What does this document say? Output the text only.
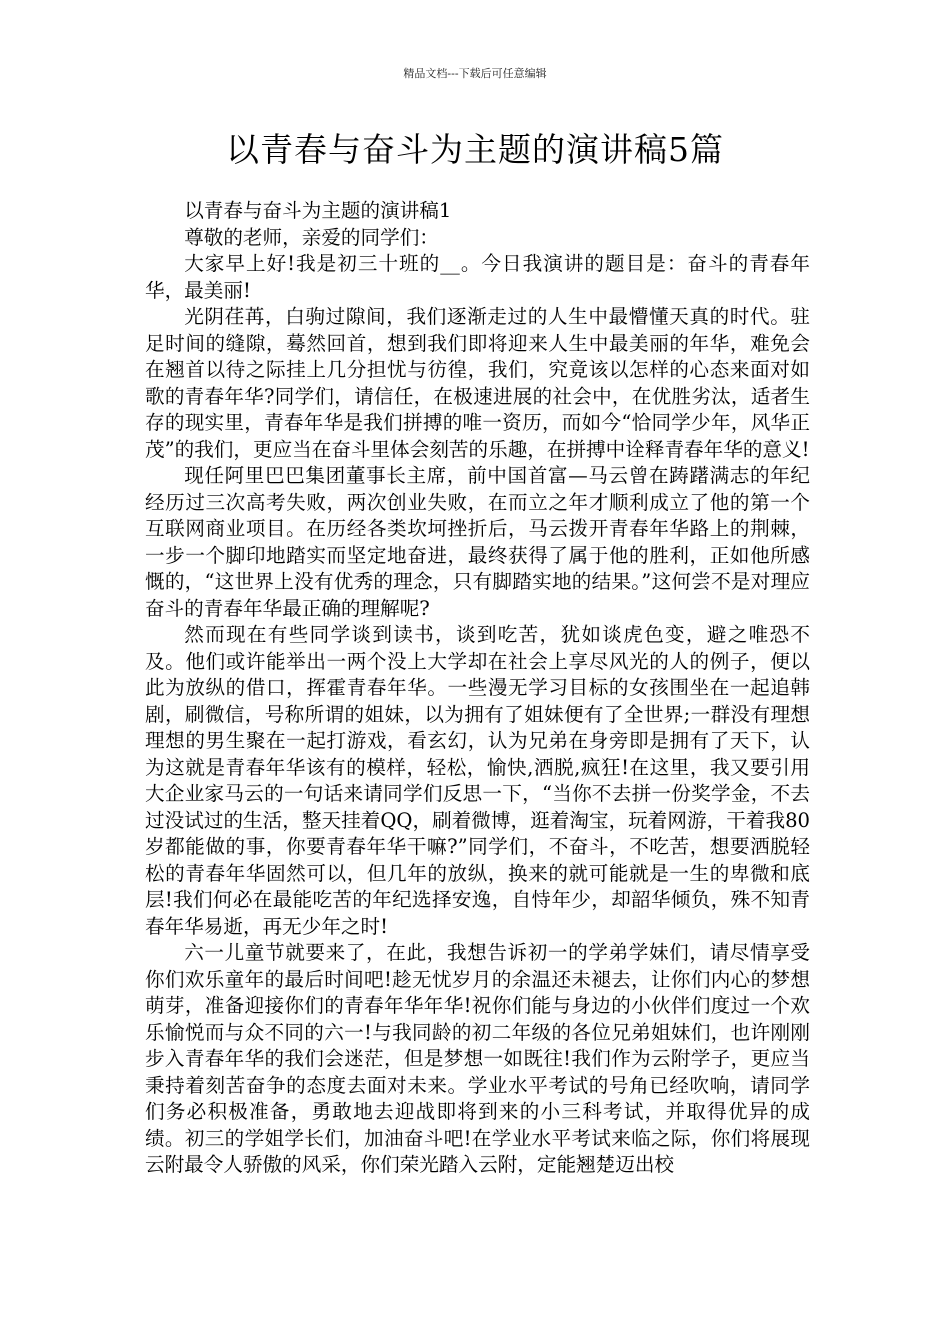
精品文档---下载后可任意编辑
以青春与奋斗为主题的演讲稿5篇

以青春与奋斗为主题的演讲稿1

尊敬的老师，亲爱的同学们：

大家早上好!我是初三十班的__。今日我演讲的题目是：奋斗的青春年华，最美丽!

光阴荏苒，白驹过隙间，我们逐渐走过的人生中最懵懂天真的时代。驻足时间的缝隙，蓦然回首，想到我们即将迎来人生中最美丽的年华，难免会在翘首以待之际挂上几分担忧与彷徨，我们，究竟该以怎样的心态来面对如歌的青春年华?同学们，请信任，在极速进展的社会中，在优胜劣汰，适者生存的现实里，青春年华是我们拼搏的唯一资历，而如今“恰同学少年，风华正茂”的我们，更应当在奋斗里体会刻苦的乐趣，在拼搏中诠释青春年华的意义!

现任阿里巴巴集团董事长主席，前中国首富—马云曾在踌躇满志的年纪经历过三次高考失败，两次创业失败，在而立之年才顺利成立了他的第一个互联网商业项目。在历经各类坎坷挫折后，马云拨开青春年华路上的荆棘，一步一个脚印地踏实而坚定地奋进，最终获得了属于他的胜利，正如他所感慨的，“这世界上没有优秀的理念，只有脚踏实地的结果。”这何尝不是对理应奋斗的青春年华最正确的理解呢?

然而现在有些同学谈到读书，谈到吃苦，犹如谈虎色变，避之唯恐不及。他们或许能举出一两个没上大学却在社会上享尽风光的人的例子，便以此为放纵的借口，挥霍青春年华。一些漫无学习目标的女孩围坐在一起追韩剧，刷微信，号称所谓的姐妹，以为拥有了姐妹便有了全世界;一群没有理想理想的男生聚在一起打游戏，看玄幻，认为兄弟在身旁即是拥有了天下，认为这就是青春年华该有的模样，轻松，愉快,洒脱,疯狂!在这里，我又要引用大企业家马云的一句话来请同学们反思一下，“当你不去拼一份奖学金，不去过没试过的生活，整天挂着QQ，刷着微博，逛着淘宝，玩着网游，干着我80岁都能做的事，你要青春年华干嘛?”同学们，不奋斗，不吃苦，想要洒脱轻松的青春年华固然可以，但几年的放纵，换来的就可能就是一生的卑微和底层!我们何必在最能吃苦的年纪选择安逸，自恃年少，却韶华倾负，殊不知青春年华易逝，再无少年之时!

六一儿童节就要来了，在此，我想告诉初一的学弟学妹们，请尽情享受你们欢乐童年的最后时间吧!趁无忧岁月的余温还未褪去，让你们内心的梦想萌芽，准备迎接你们的青春年华年华!祝你们能与身边的小伙伴们度过一个欢乐愉悦而与众不同的六一!与我同龄的初二年级的各位兄弟姐妹们，也许刚刚步入青春年华的我们会迷茫，但是梦想一如既往!我们作为云附学子，更应当秉持着刻苦奋争的态度去面对未来。学业水平考试的号角已经吹响，请同学们务必积极准备，勇敢地去迎战即将到来的小三科考试，并取得优异的成绩。初三的学姐学长们，加油奋斗吧!在学业水平考试来临之际，你们将展现云附最令人骄傲的风采，你们荣光踏入云附，定能翘楚迈出校
